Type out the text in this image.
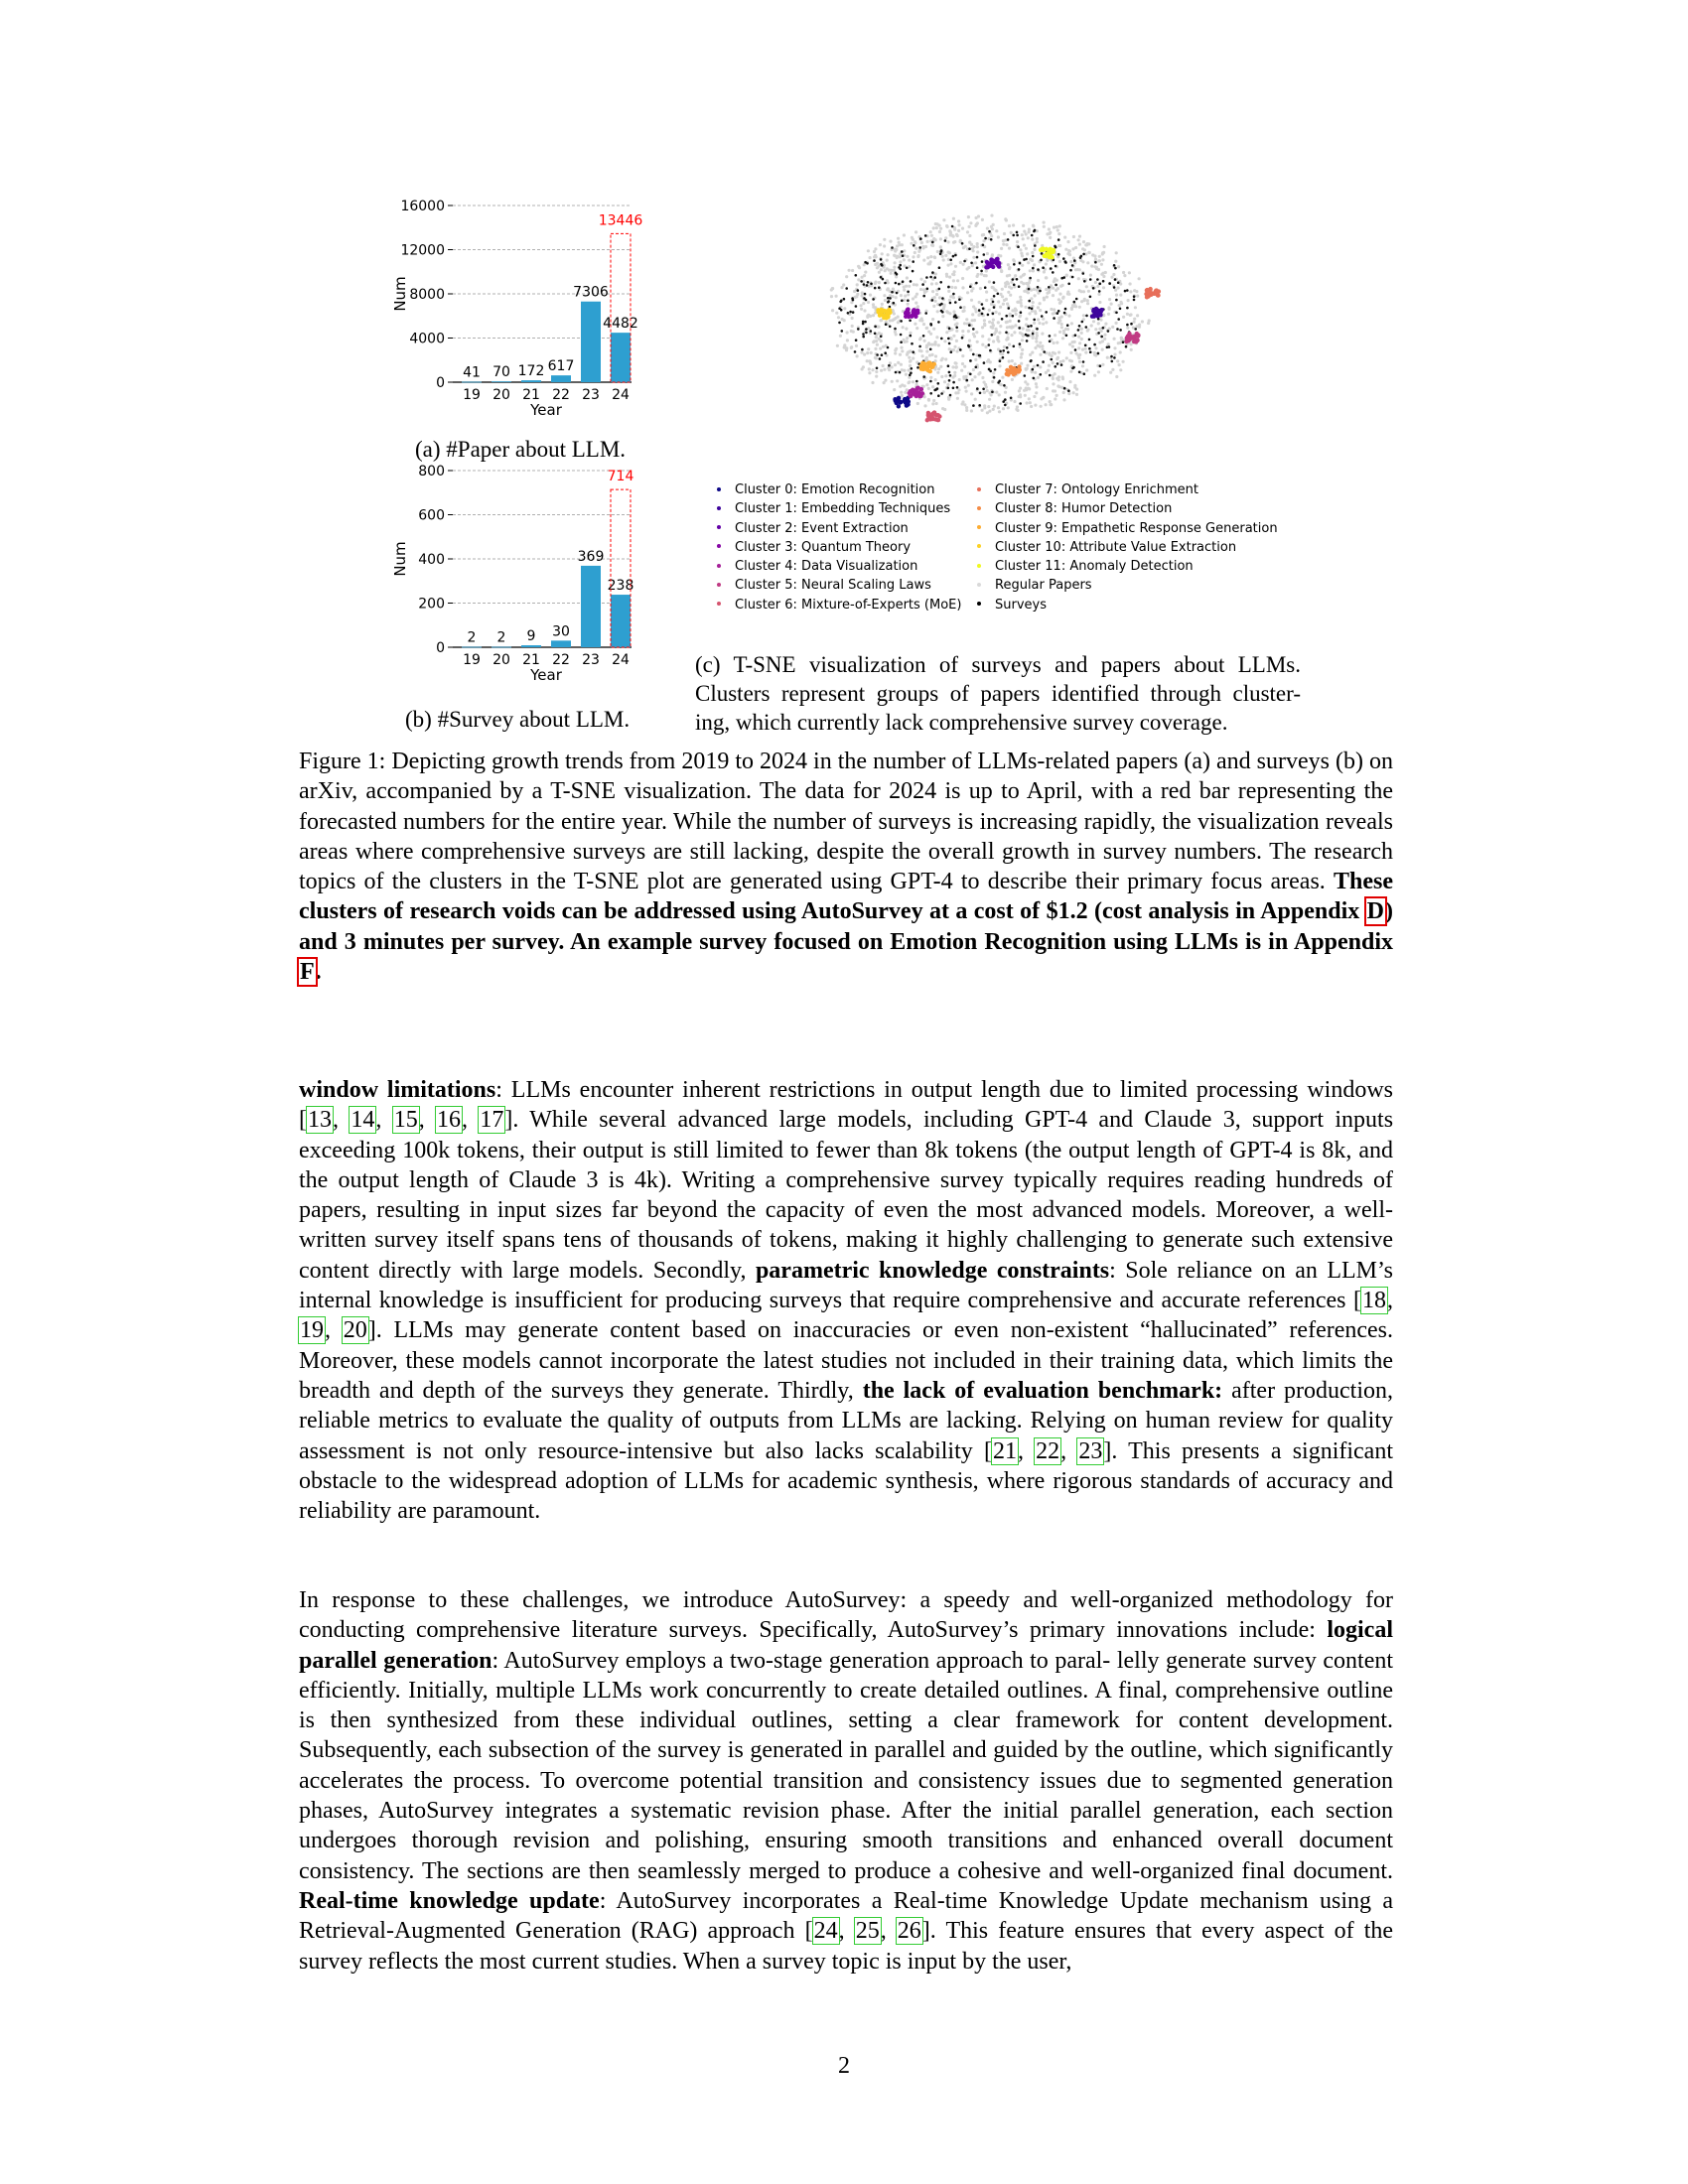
0
4000
8000
12000
16000
41
19
70
20
172
21
617
22
7306
23
4482
24
13446
Year
Num
(a) #Paper about LLM.
0
200
400
600
800
2
19
2
20
9
21
30
22
369
23
238
24
714
Year
Num
(b) #Survey about LLM.
Cluster 0: Emotion Recognition
Cluster 1: Embedding Techniques
Cluster 2: Event Extraction
Cluster 3: Quantum Theory
Cluster 4: Data Visualization
Cluster 5: Neural Scaling Laws
Cluster 6: Mixture-of-Experts (MoE)
Cluster 7: Ontology Enrichment
Cluster 8: Humor Detection
Cluster 9: Empathetic Response Generation
Cluster 10: Attribute Value Extraction
Cluster 11: Anomaly Detection
Regular Papers
Surveys
(c) T-SNE visualization of surveys and papers about LLMs. Clusters represent groups of papers identified through cluster- ing, which currently lack comprehensive survey coverage.
Figure 1: Depicting growth trends from 2019 to 2024 in the number of LLMs-related papers (a) and surveys (b) on arXiv, accompanied by a T-SNE visualization. The data for 2024 is up to April, with a red bar representing the forecasted numbers for the entire year. While the number of surveys is increasing rapidly, the visualization reveals areas where comprehensive surveys are still lacking, despite the overall growth in survey numbers. The research topics of the clusters in the T-SNE plot are generated using GPT-4 to describe their primary focus areas. These clusters of research voids can be addressed using AutoSurvey at a cost of $1.2 (cost analysis in Appendix D) and 3 minutes per survey. An example survey focused on Emotion Recognition using LLMs is in Appendix F.

window limitations: LLMs encounter inherent restrictions in output length due to limited processing windows [13, 14, 15, 16, 17]. While several advanced large models, including GPT-4 and Claude 3, support inputs exceeding 100k tokens, their output is still limited to fewer than 8k tokens (the output length of GPT-4 is 8k, and the output length of Claude 3 is 4k). Writing a comprehensive survey typically requires reading hundreds of papers, resulting in input sizes far beyond the capacity of even the most advanced models. Moreover, a well-written survey itself spans tens of thousands of tokens, making it highly challenging to generate such extensive content directly with large models. Secondly, parametric knowledge constraints: Sole reliance on an LLM’s internal knowledge is insufficient for producing surveys that require comprehensive and accurate references [18, 19, 20]. LLMs may generate content based on inaccuracies or even non-existent “hallucinated” references. Moreover, these models cannot incorporate the latest studies not included in their training data, which limits the breadth and depth of the surveys they generate. Thirdly, the lack of evaluation benchmark: after production, reliable metrics to evaluate the quality of outputs from LLMs are lacking. Relying on human review for quality assessment is not only resource-intensive but also lacks scalability [21, 22, 23]. This presents a significant obstacle to the widespread adoption of LLMs for academic synthesis, where rigorous standards of accuracy and reliability are paramount.

In response to these challenges, we introduce AutoSurvey: a speedy and well-organized methodology for conducting comprehensive literature surveys. Specifically, AutoSurvey’s primary innovations include: logical parallel generation: AutoSurvey employs a two-stage generation approach to paral- lelly generate survey content efficiently. Initially, multiple LLMs work concurrently to create detailed outlines. A final, comprehensive outline is then synthesized from these individual outlines, setting a clear framework for content development. Subsequently, each subsection of the survey is generated in parallel and guided by the outline, which significantly accelerates the process. To overcome potential transition and consistency issues due to segmented generation phases, AutoSurvey integrates a systematic revision phase. After the initial parallel generation, each section undergoes thorough revision and polishing, ensuring smooth transitions and enhanced overall document consistency. The sections are then seamlessly merged to produce a cohesive and well-organized final document. Real-time knowledge update: AutoSurvey incorporates a Real-time Knowledge Update mechanism using a Retrieval-Augmented Generation (RAG) approach [24, 25, 26]. This feature ensures that every aspect of the survey reflects the most current studies. When a survey topic is input by the user,

2
